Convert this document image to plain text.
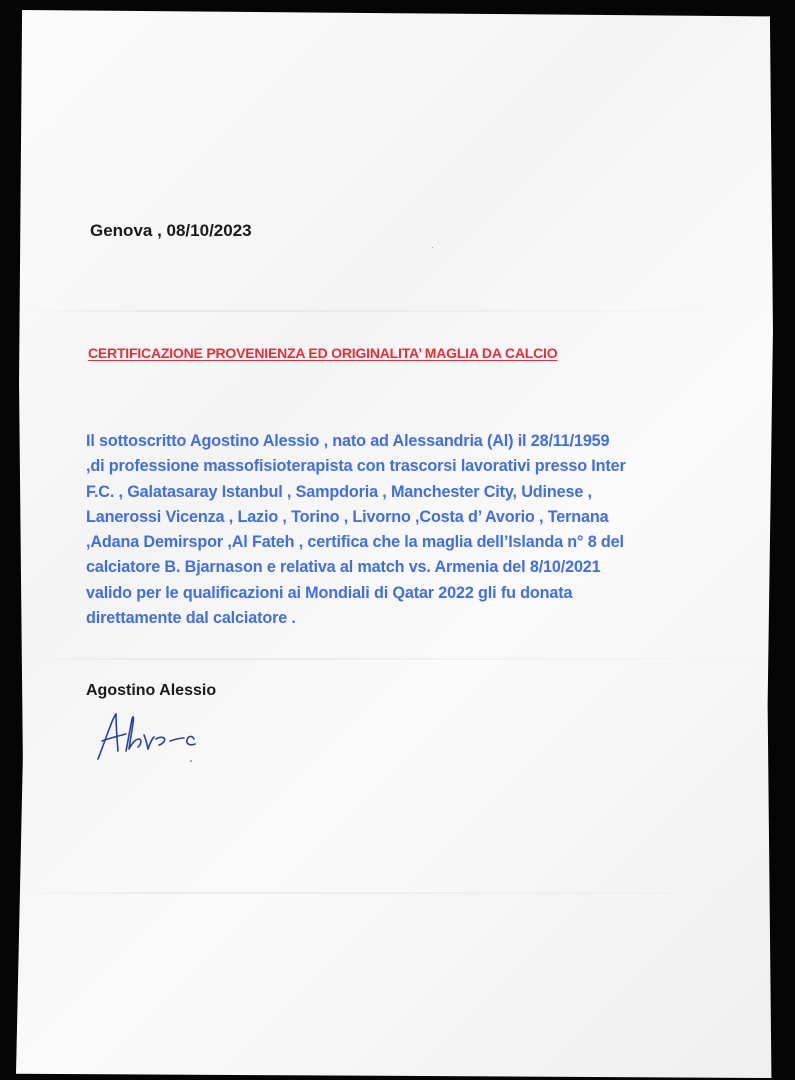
Genova , 08/10/2023

CERTIFICAZIONE PROVENIENZA ED ORIGINALITA’ MAGLIA DA CALCIO

Il sottoscritto Agostino Alessio , nato ad Alessandria (Al) il 28/11/1959
,di professione massofisioterapista con trascorsi lavorativi presso Inter
F.C. , Galatasaray Istanbul , Sampdoria , Manchester City, Udinese ,
Lanerossi Vicenza , Lazio , Torino , Livorno ,Costa d’ Avorio , Ternana
,Adana Demirspor ,Al Fateh , certifica che la maglia dell’Islanda n° 8 del
calciatore B. Bjarnason e relativa al match vs. Armenia del 8/10/2021
valido per le qualificazioni ai Mondiali di Qatar 2022 gli fu donata
direttamente dal calciatore .

Agostino Alessio
